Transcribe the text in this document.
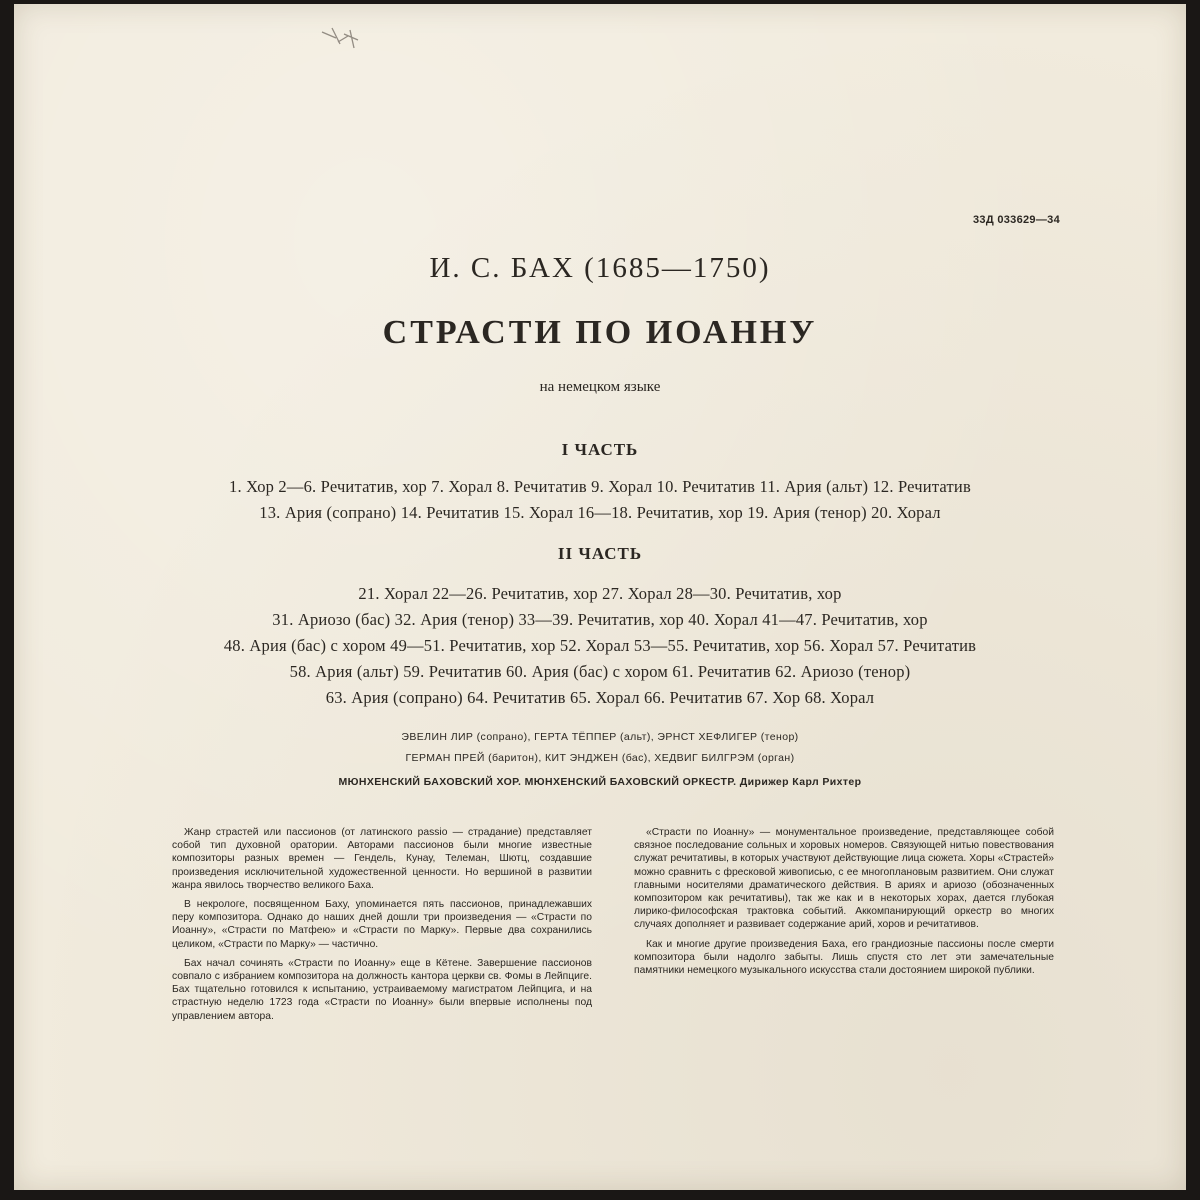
33Д 033629—34
И. С. БАХ (1685—1750)
СТРАСТИ ПО ИОАННУ
на немецком языке
I ЧАСТЬ
1. Хор 2—6. Речитатив, хор 7. Хорал 8. Речитатив 9. Хорал 10. Речитатив 11. Ария (альт) 12. Речитатив
13. Ария (сопрано) 14. Речитатив 15. Хорал 16—18. Речитатив, хор 19. Ария (тенор) 20. Хорал
II ЧАСТЬ
21. Хорал 22—26. Речитатив, хор 27. Хорал 28—30. Речитатив, хор
31. Ариозо (бас) 32. Ария (тенор) 33—39. Речитатив, хор 40. Хорал 41—47. Речитатив, хор
48. Ария (бас) с хором 49—51. Речитатив, хор 52. Хорал 53—55. Речитатив, хор 56. Хорал 57. Речитатив
58. Ария (альт) 59. Речитатив 60. Ария (бас) с хором 61. Речитатив 62. Ариозо (тенор)
63. Ария (сопрано) 64. Речитатив 65. Хорал 66. Речитатив 67. Хор 68. Хорал
ЭВЕЛИН ЛИР (сопрано), ГЕРТА ТЁППЕР (альт), ЭРНСТ ХЕФЛИГЕР (тенор)
ГЕРМАН ПРЕЙ (баритон), КИТ ЭНДЖЕН (бас), ХЕДВИГ БИЛГРЭМ (орган)
МЮНХЕНСКИЙ БАХОВСКИЙ ХОР. МЮНХЕНСКИЙ БАХОВСКИЙ ОРКЕСТР. Дирижер Карл Рихтер

Жанр страстей или пассионов (от латинского passio — страдание) представляет собой тип духовной оратории. Авторами пассионов были многие известные композиторы разных времен — Гендель, Кунау, Телеман, Шютц, создавшие произведения исключительной художественной ценности. Но вершиной в развитии жанра явилось творчество великого Баха.

В некрологе, посвященном Баху, упоминается пять пассионов, принадлежавших перу композитора. Однако до наших дней дошли три произведения — «Страсти по Иоанну», «Страсти по Матфею» и «Страсти по Марку». Первые два сохранились целиком, «Страсти по Марку» — частично.

Бах начал сочинять «Страсти по Иоанну» еще в Кётене. Завершение пассионов совпало с избранием композитора на должность кантора церкви св. Фомы в Лейпциге. Бах тщательно готовился к испытанию, устраиваемому магистратом Лейпцига, и на страстную неделю 1723 года «Страсти по Иоанну» были впервые исполнены под управлением автора.

«Страсти по Иоанну» — монументальное произведение, представляющее собой связное последование сольных и хоровых номеров. Связующей нитью повествования служат речитативы, в которых участвуют действующие лица сюжета. Хоры «Страстей» можно сравнить с фресковой живописью, с ее многоплановым развитием. Они служат главными носителями драматического действия. В ариях и ариозо (обозначенных композитором как речитативы), так же как и в некоторых хорах, дается глубокая лирико-философская трактовка событий. Аккомпанирующий оркестр во многих случаях дополняет и развивает содержание арий, хоров и речитативов.

Как и многие другие произведения Баха, его грандиозные пассионы после смерти композитора были надолго забыты. Лишь спустя сто лет эти замечательные памятники немецкого музыкального искусства стали достоянием широкой публики.
